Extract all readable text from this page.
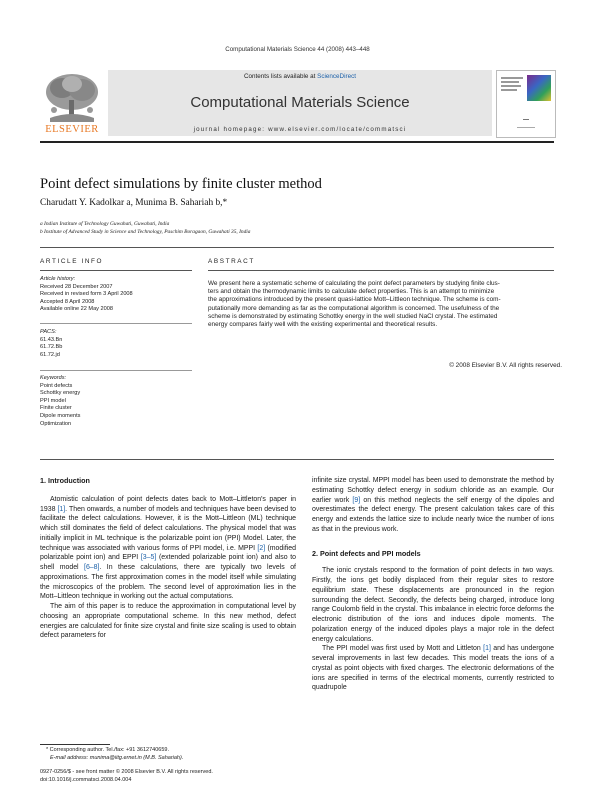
Computational Materials Science 44 (2008) 443–448
ELSEVIER
Contents lists available at ScienceDirect
Computational Materials Science
journal homepage: www.elsevier.com/locate/commatsci
Point defect simulations by finite cluster method
Charudatt Y. Kadolkar a, Munima B. Sahariah b,*
a Indian Institute of Technology Guwahati, Guwahati, India
b Institute of Advanced Study in Science and Technology, Paschim Boragaon, Guwahati 35, India
ARTICLE INFO
Article history:
Received 28 December 2007
Received in revised form 3 April 2008
Accepted 8 April 2008
Available online 22 May 2008
PACS:
61.43.Bn
61.72.Bb
61.72.jd
Keywords:
Point defects
Schottky energy
PPI model
Finite cluster
Dipole moments
Optimization
ABSTRACT
We present here a systematic scheme of calculating the point defect parameters by studying finite clus-
ters and obtain the thermodynamic limits to calculate defect properties. This is an attempt to minimize
the approximations introduced by the present quasi-lattice Mott–Littleon technique. The scheme is com-
putationally more demanding as far as the computational algorithm is concerned. The usefulness of the
scheme is demonstrated by estimating Schottky energy in the well studied NaCl crystal. The estimated
energy compares fairly well with the existing experimental and theoretical results.
© 2008 Elsevier B.V. All rights reserved.

1. Introduction

Atomistic calculation of point defects dates back to Mott–Littleton's paper in 1938 [1]. Then onwards, a number of models and techniques have been devised to facilitate the defect calculations. However, it is the Mott–Littleon (ML) technique which still dominates the field of defect calculations. The physical model that was initially implicit in ML technique is the polarizable point ion (PPI) Model. Later, the technique was associated with various forms of PPI model, i.e. MPPI [2] (modified polarizable point ion) and EPPI [3–5] (extended polarizable point ion) and also to shell model [6–8]. In these calculations, there are typically two levels of approximations. The first approximation comes in the model itself while simulating the microscopics of the problem. The second level of approximation lies in the Mott–Littleon technique in working out the actual computations.

The aim of this paper is to reduce the approximation in computational level by choosing an appropriate computational scheme. In this new method, defect energies are calculated for finite size crystal and finite size scaling is used to obtain defect parameters for

infinite size crystal. MPPI model has been used to demonstrate the method by estimating Schottky defect energy in sodium chloride as an example. Our earlier work [9] on this method neglects the self energy of the dipoles and overestimates the defect energy. The present calculation takes care of this energy and extends the lattice size to include nearly twice the number of ions as that in the previous work.

2. Point defects and PPI models

The ionic crystals respond to the formation of point defects in two ways. Firstly, the ions get bodily displaced from their regular sites to restore equilibrium state. These displacements are pronounced in the region surrounding the defect. Secondly, the defects being charged, introduce long range Coulomb field in the crystal. This imbalance in electric force deforms the electronic distribution of the ions and induces dipole moments. The polarization energy of the induced dipoles plays a major role in the defect energy calculations.

The PPI model was first used by Mott and Littleton [1] and has undergone several improvements in last few decades. This model treats the ions of a crystal as point objects with fixed charges. The electronic deformations of the ions are specified in terms of the electrical moments, currently restricted to quadrupole

* Corresponding author. Tel./fax: +91 3612740659.
E-mail address: munima@iitg.ernet.in (M.B. Sahariah).
0927-0256/$ - see front matter © 2008 Elsevier B.V. All rights reserved.
doi:10.1016/j.commatsci.2008.04.004
